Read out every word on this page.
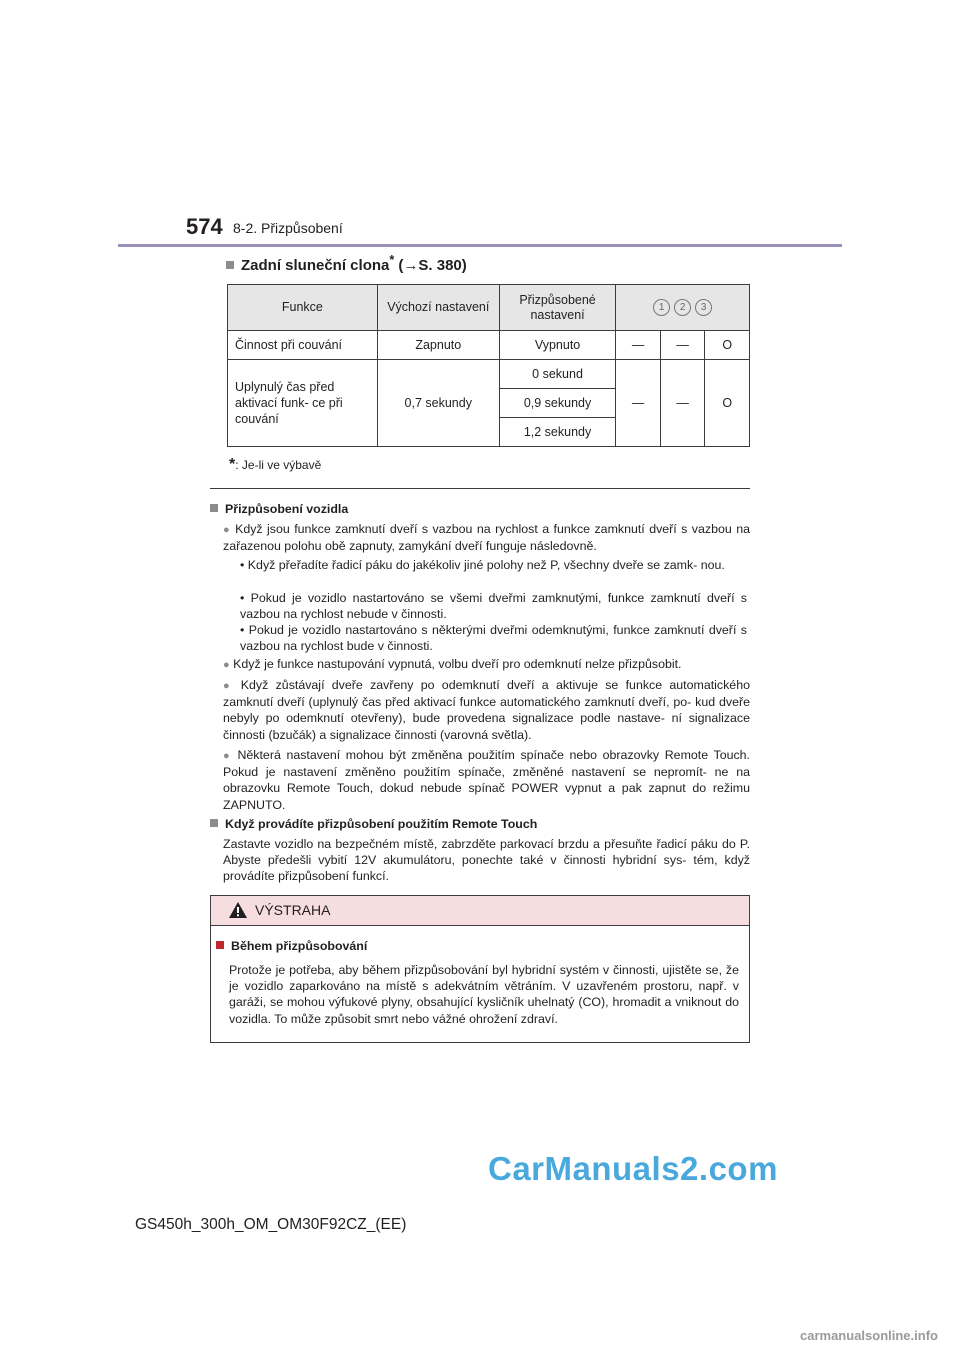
574 8-2. Přizpůsobení
Zadní sluneční clona* (→S. 380)
Funkce	Výchozí nastavení	Přizpůsobené nastavení	1 2 3		
Činnost při couvání	Zapnuto	Vypnuto	—	—	O
Uplynulý čas před aktivací funk- ce při couvání	0,7 sekundy	0 sekund	—	—	O
		0,9 sekundy			
		1,2 sekundy			
*: Je-li ve výbavě
Přizpůsobení vozidla
● Když jsou funkce zamknutí dveří s vazbou na rychlost a funkce zamknutí dveří s vazbou na zařazenou polohu obě zapnuty, zamykání dveří funguje následovně.
• Když přeřadíte řadicí páku do jakékoliv jiné polohy než P, všechny dveře se zamk- nou.
• Pokud je vozidlo nastartováno se všemi dveřmi zamknutými, funkce zamknutí dveří s vazbou na rychlost nebude v činnosti.
• Pokud je vozidlo nastartováno s některými dveřmi odemknutými, funkce zamknutí dveří s vazbou na rychlost bude v činnosti.
● Když je funkce nastupování vypnutá, volbu dveří pro odemknutí nelze přizpůsobit.
● Když zůstávají dveře zavřeny po odemknutí dveří a aktivuje se funkce automatického zamknutí dveří (uplynulý čas před aktivací funkce automatického zamknutí dveří, po- kud dveře nebyly po odemknutí otevřeny), bude provedena signalizace podle nastave- ní signalizace činnosti (bzučák) a signalizace činnosti (varovná světla).
● Některá nastavení mohou být změněna použitím spínače nebo obrazovky Remote Touch. Pokud je nastavení změněno použitím spínače, změněné nastavení se nepromít- ne na obrazovku Remote Touch, dokud nebude spínač POWER vypnut a pak zapnut do režimu ZAPNUTO.
Když provádíte přizpůsobení použitím Remote Touch
Zastavte vozidlo na bezpečném místě, zabrzděte parkovací brzdu a přesuňte řadicí páku do P. Abyste předešli vybití 12V akumulátoru, ponechte také v činnosti hybridní sys- tém, když provádíte přizpůsobení funkcí.
VÝSTRAHA
Během přizpůsobování
Protože je potřeba, aby během přizpůsobování byl hybridní systém v činnosti, ujistěte se, že je vozidlo zaparkováno na místě s adekvátním větráním. V uzavřeném prostoru, např. v garáži, se mohou výfukové plyny, obsahující kysličník uhelnatý (CO), hromadit a vniknout do vozidla. To může způsobit smrt nebo vážné ohrožení zdraví.
CarManuals2.com
GS450h_300h_OM_OM30F92CZ_(EE)
carmanualsonline.info
